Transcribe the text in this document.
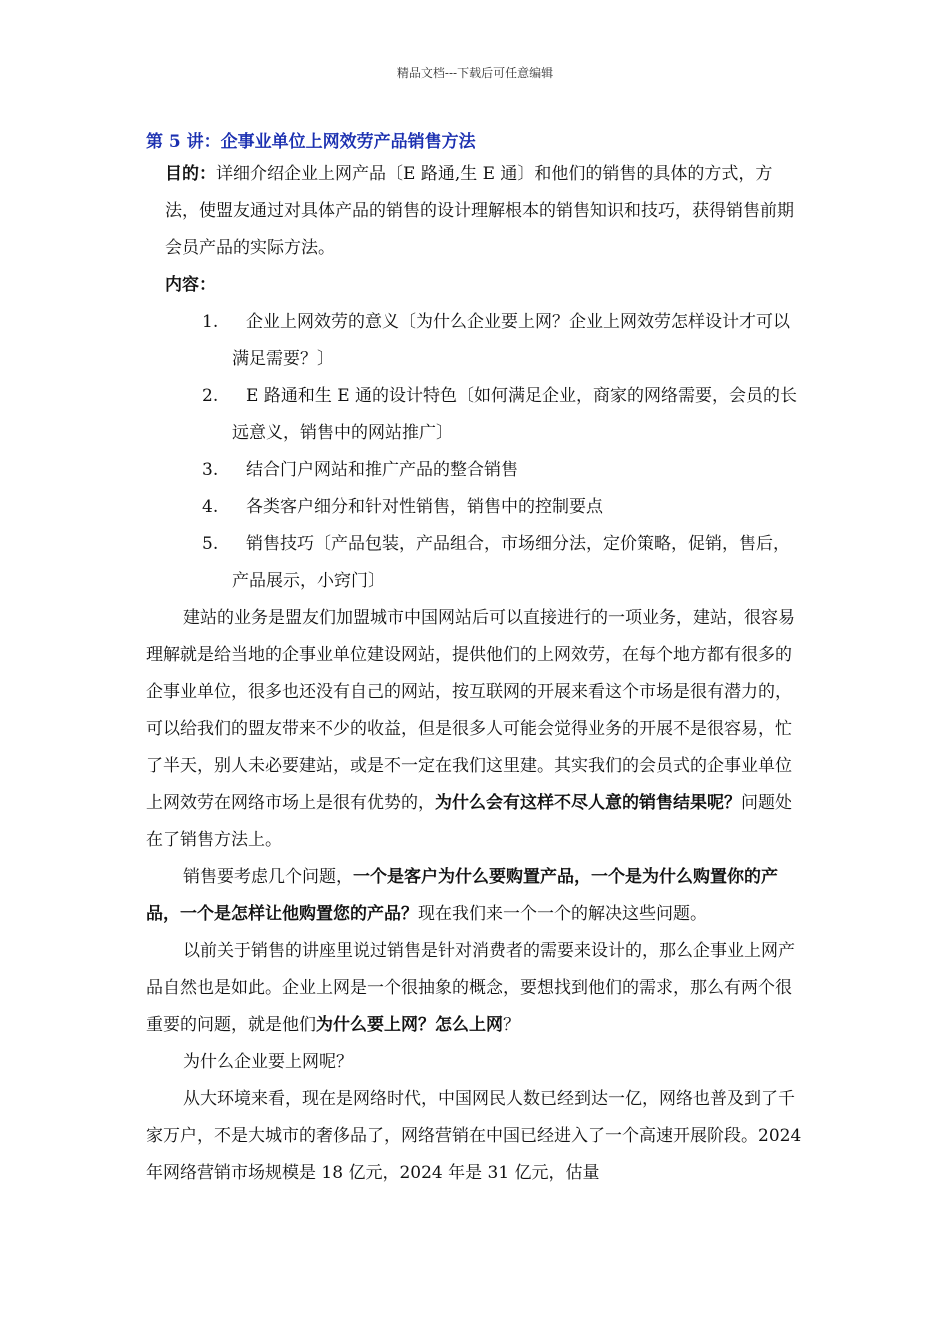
精品文档---下载后可任意编辑
第 5 讲：企事业单位上网效劳产品销售方法

目的：详细介绍企业上网产品〔E 路通,生 E 通〕和他们的销售的具体的方式，方法，使盟友通过对具体产品的销售的设计理解根本的销售知识和技巧，获得销售前期会员产品的实际方法。

内容：

1. 企业上网效劳的意义〔为什么企业要上网？企业上网效劳怎样设计才可以满足需要？〕
2. E 路通和生 E 通的设计特色〔如何满足企业，商家的网络需要，会员的长远意义，销售中的网站推广〕
3. 结合门户网站和推广产品的整合销售
4. 各类客户细分和针对性销售，销售中的控制要点
5. 销售技巧〔产品包装，产品组合，市场细分法，定价策略，促销，售后，产品展示，小窍门〕

建站的业务是盟友们加盟城市中国网站后可以直接进行的一项业务，建站，很容易理解就是给当地的企事业单位建设网站，提供他们的上网效劳，在每个地方都有很多的企事业单位，很多也还没有自己的网站，按互联网的开展来看这个市场是很有潜力的，可以给我们的盟友带来不少的收益，但是很多人可能会觉得业务的开展不是很容易，忙了半天，别人未必要建站，或是不一定在我们这里建。其实我们的会员式的企事业单位上网效劳在网络市场上是很有优势的，为什么会有这样不尽人意的销售结果呢？问题处在了销售方法上。

销售要考虑几个问题，一个是客户为什么要购置产品，一个是为什么购置你的产品，一个是怎样让他购置您的产品？现在我们来一个一个的解决这些问题。

以前关于销售的讲座里说过销售是针对消费者的需要来设计的，那么企事业上网产品自然也是如此。企业上网是一个很抽象的概念，要想找到他们的需求，那么有两个很重要的问题，就是他们为什么要上网？怎么上网？

为什么企业要上网呢？

从大环境来看，现在是网络时代，中国网民人数已经到达一亿，网络也普及到了千家万户，不是大城市的奢侈品了，网络营销在中国已经进入了一个高速开展阶段。2024 年网络营销市场规模是 18 亿元，2024 年是 31 亿元，估量
